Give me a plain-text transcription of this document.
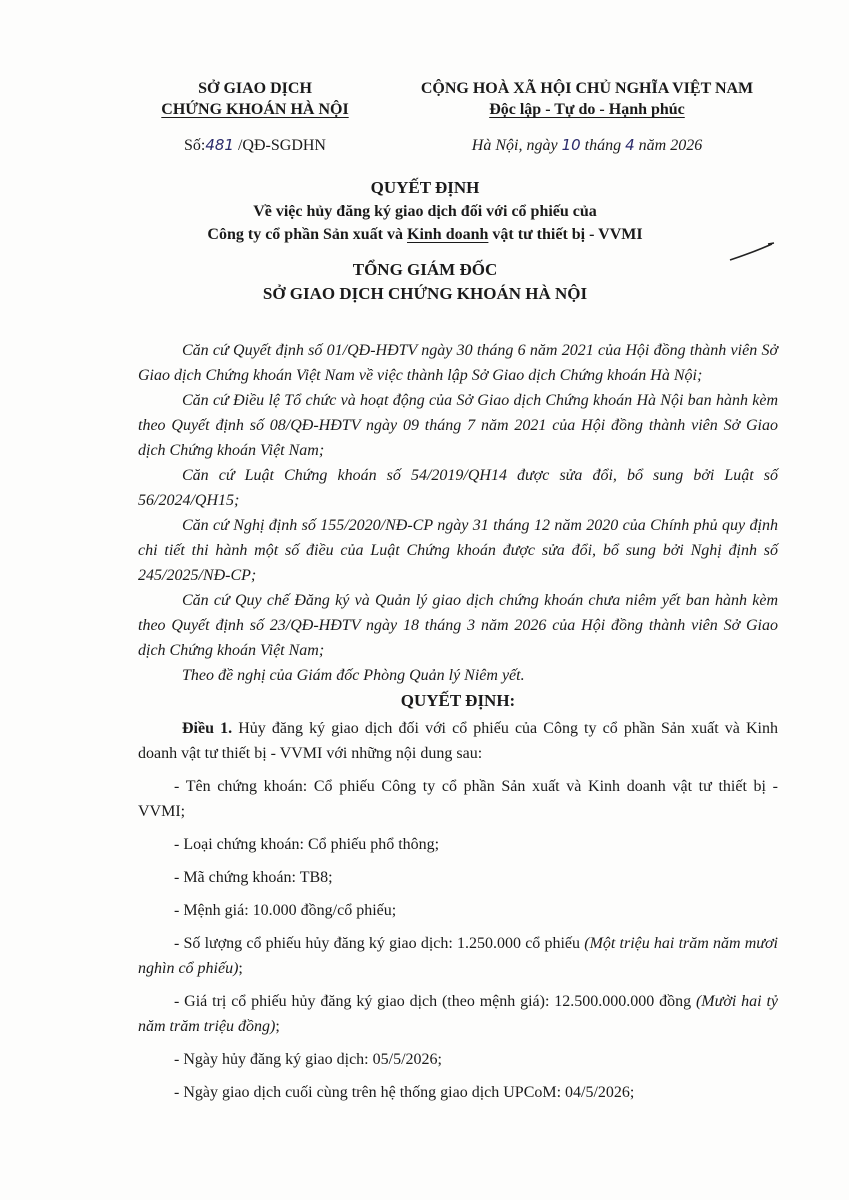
SỞ GIAO DỊCH
CHỨNG KHOÁN HÀ NỘI
CỘNG HOÀ XÃ HỘI CHỦ NGHĨA VIỆT NAM
Độc lập - Tự do - Hạnh phúc
Số:481 /QĐ-SGDHN	Hà Nội, ngày 10 tháng 4 năm 2026
QUYẾT ĐỊNH
Về việc hủy đăng ký giao dịch đối với cổ phiếu của
Công ty cổ phần Sản xuất và Kinh doanh vật tư thiết bị - VVMI
TỔNG GIÁM ĐỐC
SỞ GIAO DỊCH CHỨNG KHOÁN HÀ NỘI

Căn cứ Quyết định số 01/QĐ-HĐTV ngày 30 tháng 6 năm 2021 của Hội đồng thành viên Sở Giao dịch Chứng khoán Việt Nam về việc thành lập Sở Giao dịch Chứng khoán Hà Nội;

Căn cứ Điều lệ Tổ chức và hoạt động của Sở Giao dịch Chứng khoán Hà Nội ban hành kèm theo Quyết định số 08/QĐ-HĐTV ngày 09 tháng 7 năm 2021 của Hội đồng thành viên Sở Giao dịch Chứng khoán Việt Nam;

Căn cứ Luật Chứng khoán số 54/2019/QH14 được sửa đổi, bổ sung bởi Luật số 56/2024/QH15;

Căn cứ Nghị định số 155/2020/NĐ-CP ngày 31 tháng 12 năm 2020 của Chính phủ quy định chi tiết thi hành một số điều của Luật Chứng khoán được sửa đổi, bổ sung bởi Nghị định số 245/2025/NĐ-CP;

Căn cứ Quy chế Đăng ký và Quản lý giao dịch chứng khoán chưa niêm yết ban hành kèm theo Quyết định số 23/QĐ-HĐTV ngày 18 tháng 3 năm 2026 của Hội đồng thành viên Sở Giao dịch Chứng khoán Việt Nam;

Theo đề nghị của Giám đốc Phòng Quản lý Niêm yết.

QUYẾT ĐỊNH:

Điều 1. Hủy đăng ký giao dịch đối với cổ phiếu của Công ty cổ phần Sản xuất và Kinh doanh vật tư thiết bị - VVMI với những nội dung sau:

- Tên chứng khoán: Cổ phiếu Công ty cổ phần Sản xuất và Kinh doanh vật tư thiết bị - VVMI;

- Loại chứng khoán: Cổ phiếu phổ thông;

- Mã chứng khoán: TB8;

- Mệnh giá: 10.000 đồng/cổ phiếu;

- Số lượng cổ phiếu hủy đăng ký giao dịch: 1.250.000 cổ phiếu (Một triệu hai trăm năm mươi nghìn cổ phiếu);

- Giá trị cổ phiếu hủy đăng ký giao dịch (theo mệnh giá): 12.500.000.000 đồng (Mười hai tỷ năm trăm triệu đồng);

- Ngày hủy đăng ký giao dịch: 05/5/2026;

- Ngày giao dịch cuối cùng trên hệ thống giao dịch UPCoM: 04/5/2026;
